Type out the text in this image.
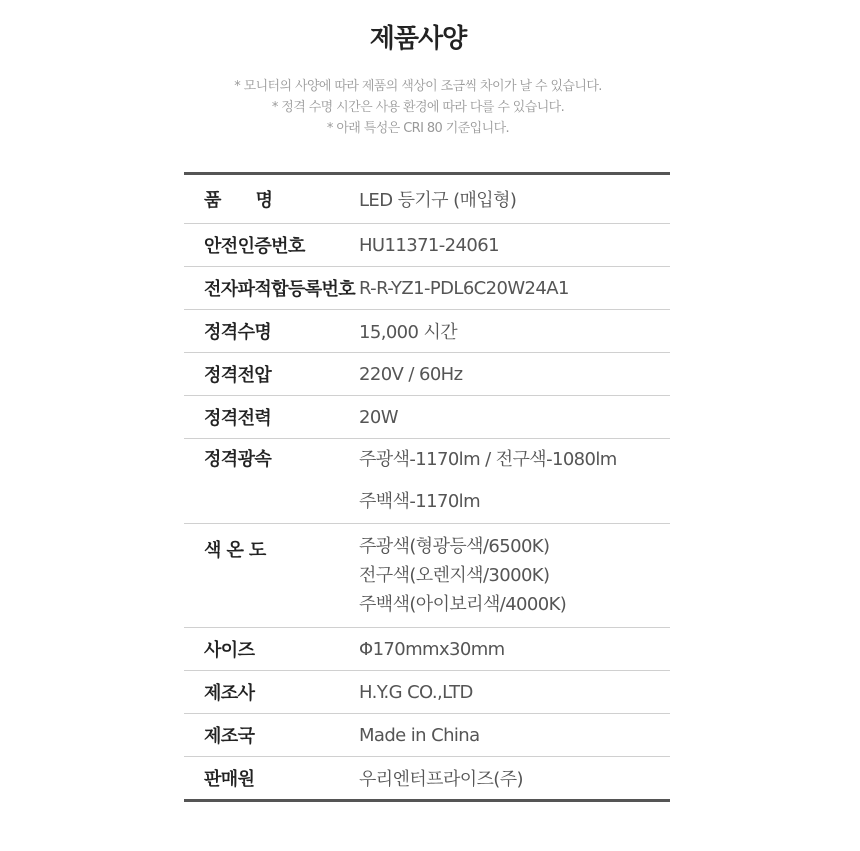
제품사양
* 모니터의 사양에 따라 제품의 색상이 조금씩 차이가 날 수 있습니다.
* 정격 수명 시간은 사용 환경에 따라 다를 수 있습니다.
* 아래 특성은 CRI 80 기준입니다.
품　　명	LED 등기구 (매입형)
안전인증번호	HU11371-24061
전자파적합등록번호 R-R-YZ1-PDL6C20W24A1
정격수명	15,000 시간
정격전압	220V / 60Hz
정격전력	20W
정격광속	주광색-1170lm / 전구색-1080lm
주백색-1170lm
색 온 도	주광색(형광등색/6500K)
전구색(오렌지색/3000K)
주백색(아이보리색/4000K)
사이즈	Φ170mmx30mm
제조사	H.Y.G CO.,LTD
제조국	Made in China
판매원	우리엔터프라이즈(주)
